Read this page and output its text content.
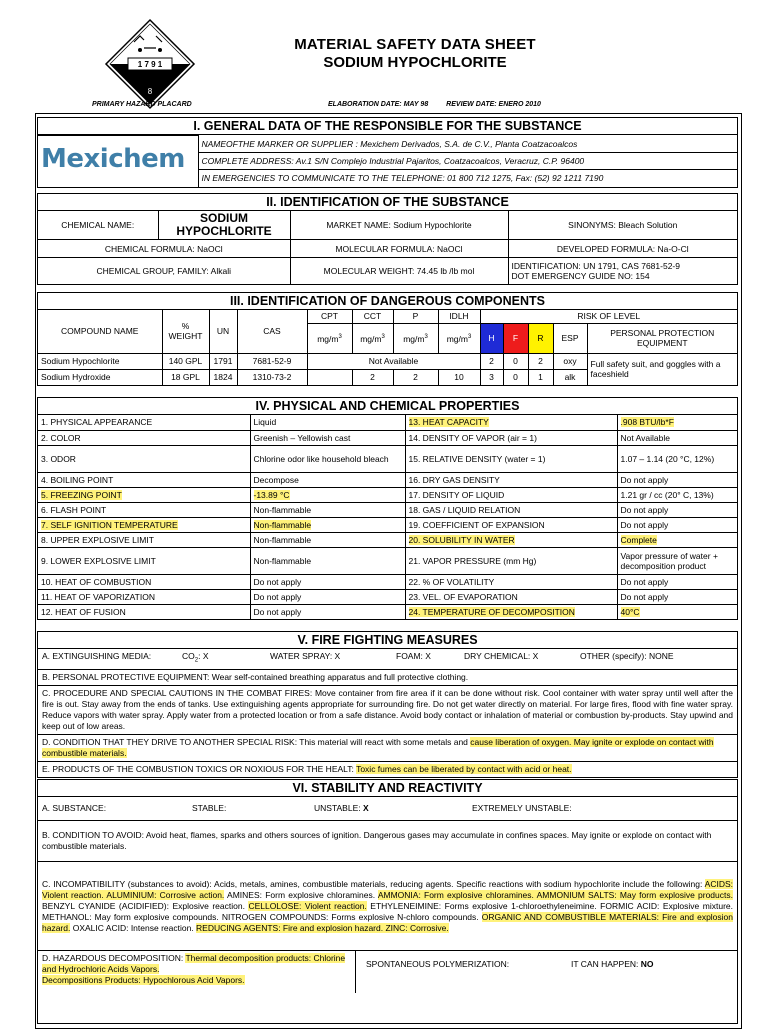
1 7 9 1
8
MATERIAL SAFETY DATA SHEET
SODIUM HYPOCHLORITE
PRIMARY HAZARD PLACARD	ELABORATION DATE: MAY 98	REVIEW DATE: ENERO 2010
I. GENERAL DATA OF THE RESPONSIBLE FOR THE SUBSTANCE
Mexichem	NAMEOFTHE MARKER OR SUPPLIER : Mexichem Derivados, S.A. de C.V., Planta Coatzacoalcos
COMPLETE ADDRESS: Av.1 S/N Complejo Industrial Pajaritos, Coatzacoalcos, Veracruz, C.P. 96400
IN EMERGENCIES TO COMMUNICATE TO THE TELEPHONE: 01 800 712 1275, Fax: (52) 92 1211 7190
II. IDENTIFICATION OF THE SUBSTANCE
CHEMICAL NAME:	SODIUM HYPOCHLORITE	MARKET NAME: Sodium Hypochlorite	SINONYMS: Bleach Solution
CHEMICAL FORMULA: NaOCl		MOLECULAR FORMULA: NaOCl	DEVELOPED FORMULA: Na-O-Cl
CHEMICAL GROUP, FAMILY: Alkali		MOLECULAR WEIGHT: 74.45 lb /lb mol	IDENTIFICATION: UN 1791, CAS 7681-52-9
DOT EMERGENCY GUIDE NO: 154
III. IDENTIFICATION OF DANGEROUS COMPONENTS
COMPOUND NAME	% WEIGHT	UN	CAS	CPT	CCT	P	IDLH	RISK OF LEVEL				
				$mg/m^3$	$mg/m^3$	$mg/m^3$	$mg/m^3$	H	F	R	ESP	PERSONAL PROTECTION EQUIPMENT
Sodium Hypochlorite	140 GPL	1791	7681-52-9	Not Available				2	0	2	oxy	Full safety suit, and goggles with a faceshield
Sodium Hydroxide	18 GPL	1824	1310-73-2		2	2	10	3	0	1	alk	
IV. PHYSICAL AND CHEMICAL PROPERTIES
1. PHYSICAL APPEARANCE	Liquid	13. HEAT CAPACITY	.908 BTU/lb*F
2. COLOR	Greenish – Yellowish cast	14. DENSITY OF VAPOR (air = 1)	Not Available
3. ODOR	Chlorine odor like household bleach	15. RELATIVE DENSITY (water = 1)	1.07 – 1.14 (20 °C, 12%)
4. BOILING POINT	Decompose	16. DRY GAS DENSITY	Do not apply
5. FREEZING POINT	-13.89 °C	17. DENSITY OF LIQUID	1.21 gr / cc (20° C, 13%)
6. FLASH POINT	Non-flammable	18. GAS / LIQUID RELATION	Do not apply
7. SELF IGNITION TEMPERATURE	Non-flammable	19. COEFFICIENT OF EXPANSION	Do not apply
8. UPPER EXPLOSIVE LIMIT	Non-flammable	20. SOLUBILITY IN WATER	Complete
9. LOWER EXPLOSIVE LIMIT	Non-flammable	21. VAPOR PRESSURE (mm Hg)	Vapor pressure of water + decomposition product
10. HEAT OF COMBUSTION	Do not apply	22. % OF VOLATILITY	Do not apply
11. HEAT OF VAPORIZATION	Do not apply	23. VEL. OF EVAPORATION	Do not apply
12. HEAT OF FUSION	Do not apply	24. TEMPERATURE OF DECOMPOSITION	40°C
V. FIRE FIGHTING MEASURES
A. EXTINGUISHING MEDIA:	$CO_2$: X	WATER SPRAY: X	FOAM: X	DRY CHEMICAL: X	OTHER (specify): NONE
B. PERSONAL PROTECTIVE EQUIPMENT: Wear self-contained breathing apparatus and full protective clothing.
C. PROCEDURE AND SPECIAL CAUTIONS IN THE COMBAT FIRES: Move container from fire area if it can be done without risk. Cool container with water spray until well after the fire is out. Stay away from the ends of tanks. Use extinguishing agents appropriate for surrounding fire. Do not get water directly on material. For large fires, flood with fine water spray. Reduce vapors with water spray. Apply water from a protected location or from a safe distance. Avoid body contact or inhalation of material or combustion by-products. Stay upwind and keep out of low areas.
D. CONDITION THAT THEY DRIVE TO ANOTHER SPECIAL RISK: This material will react with some metals and cause liberation of oxygen. May ignite or explode on contact with combustible materials.
E. PRODUCTS OF THE COMBUSTION TOXICS OR NOXIOUS FOR THE HEALT: Toxic fumes can be liberated by contact with acid or heat.
VI. STABILITY AND REACTIVITY
A. SUBSTANCE:	STABLE:	UNSTABLE: X	EXTREMELY UNSTABLE:
B. CONDITION TO AVOID: Avoid heat, flames, sparks and others sources of ignition. Dangerous gases may accumulate in confines spaces. May ignite or explode on contact with combustible materials.
C. INCOMPATIBILITY (substances to avoid): Acids, metals, amines, combustible materials, reducing agents. Specific reactions with sodium hypochlorite include the following: ACIDS: Violent reaction. ALUMINIUM: Corrosive action. AMINES: Form explosive chloramines. AMMONIA: Form explosive chloramines. AMMONIUM SALTS: May form explosive products. BENZYL CYANIDE (ACIDIFIED): Explosive reaction. CELLOLOSE: Violent reaction. ETHYLENEIMINE: Forms explosive 1-chloroethyleneimine. FORMIC ACID: Explosive mixture. METHANOL: May form explosive compounds. NITROGEN COMPOUNDS: Forms explosive N-chloro compounds. ORGANIC AND COMBUSTIBLE MATERIALS: Fire and explosion hazard. OXALIC ACID: Intense reaction. REDUCING AGENTS: Fire and explosion hazard. ZINC: Corrosive.
D. HAZARDOUS DECOMPOSITION: Thermal decomposition products: Chlorine and Hydrochloric Acids Vapors.
Decompositions Products: Hypochlorous Acid Vapors.
SPONTANEOUS POLYMERIZATION:	IT CAN HAPPEN: NO
